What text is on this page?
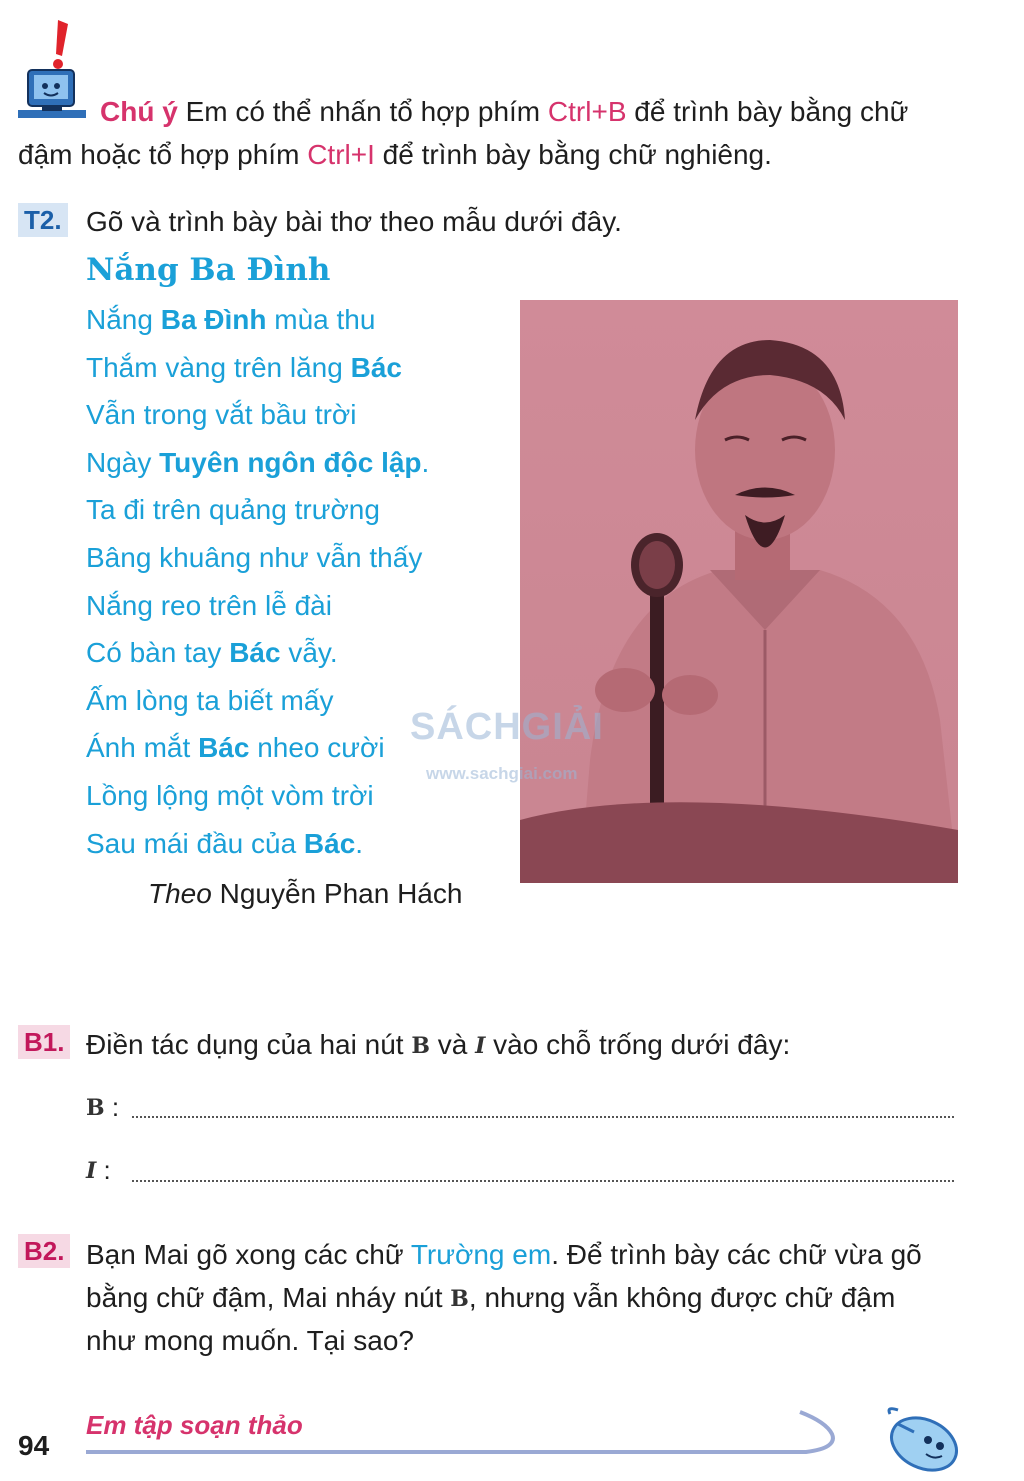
Chú ý Em có thể nhấn tổ hợp phím Ctrl+B để trình bày bằng chữ
đậm hoặc tổ hợp phím Ctrl+I để trình bày bằng chữ nghiêng.
T2. Gõ và trình bày bài thơ theo mẫu dưới đây.
Nắng Ba Đình
Nắng Ba Đình mùa thu
Thắm vàng trên lăng Bác
Vẫn trong vắt bầu trời
Ngày Tuyên ngôn độc lập.
Ta đi trên quảng trường
Bâng khuâng như vẫn thấy
Nắng reo trên lễ đài
Có bàn tay Bác vẫy.
Ấm lòng ta biết mấy
Ánh mắt Bác nheo cười
Lồng lộng một vòm trời
Sau mái đầu của Bác.
Theo Nguyễn Phan Hách
SÁCHGIẢI
www.sachgiai.com
B1. Điền tác dụng của hai nút B và I vào chỗ trống dưới đây:
B :
I :
B2. Bạn Mai gõ xong các chữ Trường em. Để trình bày các chữ vừa gõ
bằng chữ đậm, Mai nháy nút B, nhưng vẫn không được chữ đậm
như mong muốn. Tại sao?
94
Em tập soạn thảo
